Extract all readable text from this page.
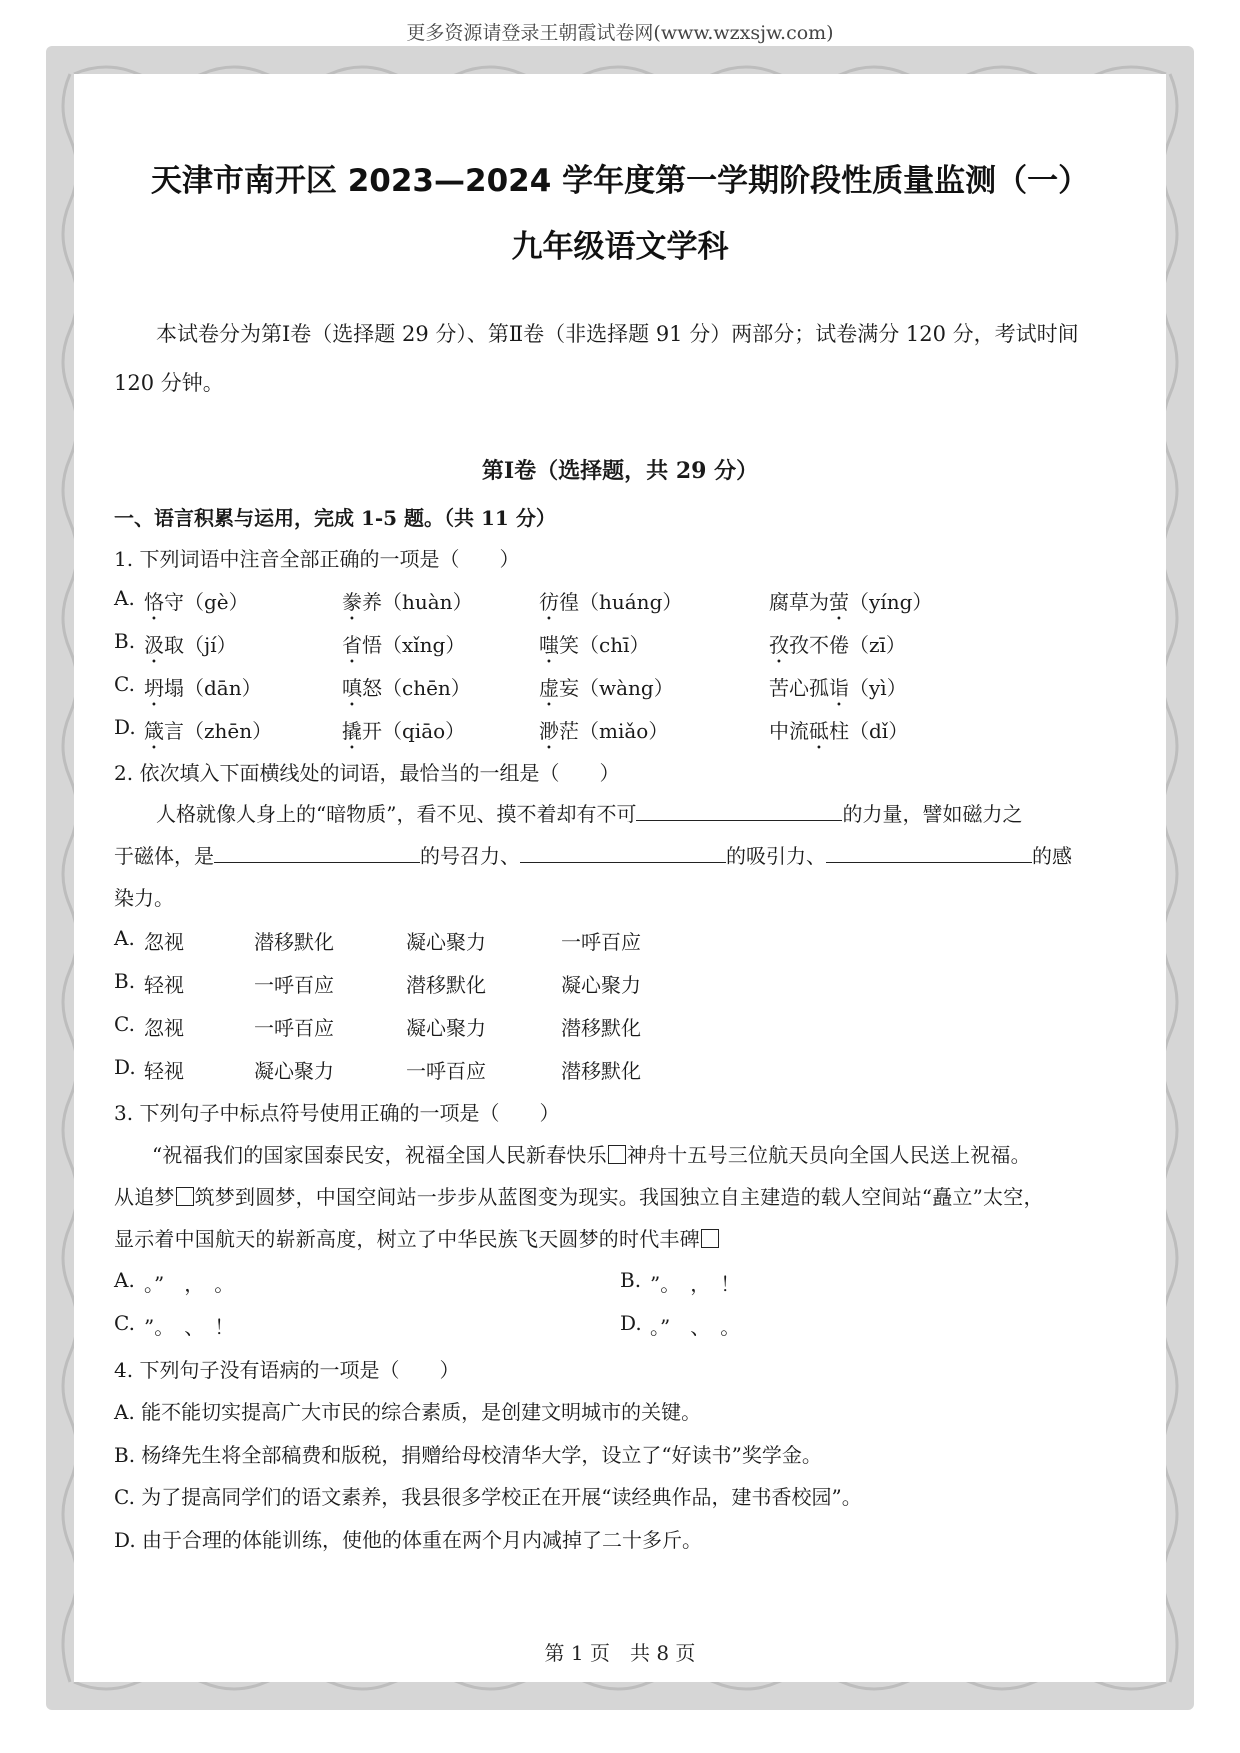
更多资源请登录王朝霞试卷网(www.wzxsjw.com)
天津市南开区 2023—2024 学年度第一学期阶段性质量监测（一）
九年级语文学科

本试卷分为第Ⅰ卷（选择题 29 分）、第Ⅱ卷（非选择题 91 分）两部分；试卷满分 120 分，考试时间 120 分钟。

第Ⅰ卷（选择题，共 29 分）
一、语言积累与运用，完成 1-5 题。（共 11 分）
1. 下列词语中注音全部正确的一项是（　　）
A. 恪守（gè）	豢养（huàn）	彷徨（huáng）	腐草为萤（yíng）
B. 汲取（jí）	省悟（xǐng）	嗤笑（chī）	孜孜不倦（zī）
C. 坍塌（dān）	嗔怒（chēn）	虚妄（wàng）	苦心孤诣（yì）
D. 箴言（zhēn）	撬开（qiāo）	渺茫（miǎo）	中流砥柱（dǐ）
2. 依次填入下面横线处的词语，最恰当的一组是（　　）
人格就像人身上的“暗物质”，看不见、摸不着却有不可	的力量，譬如磁力之
于磁体，是	的号召力、	的吸引力、	的感
染力。
A. 忽视	潜移默化	凝心聚力	一呼百应
B. 轻视	一呼百应	潜移默化	凝心聚力
C. 忽视	一呼百应	凝心聚力	潜移默化
D. 轻视	凝心聚力	一呼百应	潜移默化
3. 下列句子中标点符号使用正确的一项是（　　）
“祝福我们的国家国泰民安，祝福全国人民新春快乐 神舟十五号三位航天员向全国人民送上祝福。
从追梦 筑梦到圆梦，中国空间站一步步从蓝图变为现实。我国独立自主建造的载人空间站“矗立”太空，
显示着中国航天的崭新高度，树立了中华民族飞天圆梦的时代丰碑
A. 。”　，　。	B. ”。　，　！
C. ”。　、　！	D. 。”　、　。
4. 下列句子没有语病的一项是（　　）
A. 能不能切实提高广大市民的综合素质，是创建文明城市的关键。
B. 杨绛先生将全部稿费和版税，捐赠给母校清华大学，设立了“好读书”奖学金。
C. 为了提高同学们的语文素养，我县很多学校正在开展“读经典作品，建书香校园”。
D. 由于合理的体能训练，使他的体重在两个月内减掉了二十多斤。
第 1 页　共 8 页
